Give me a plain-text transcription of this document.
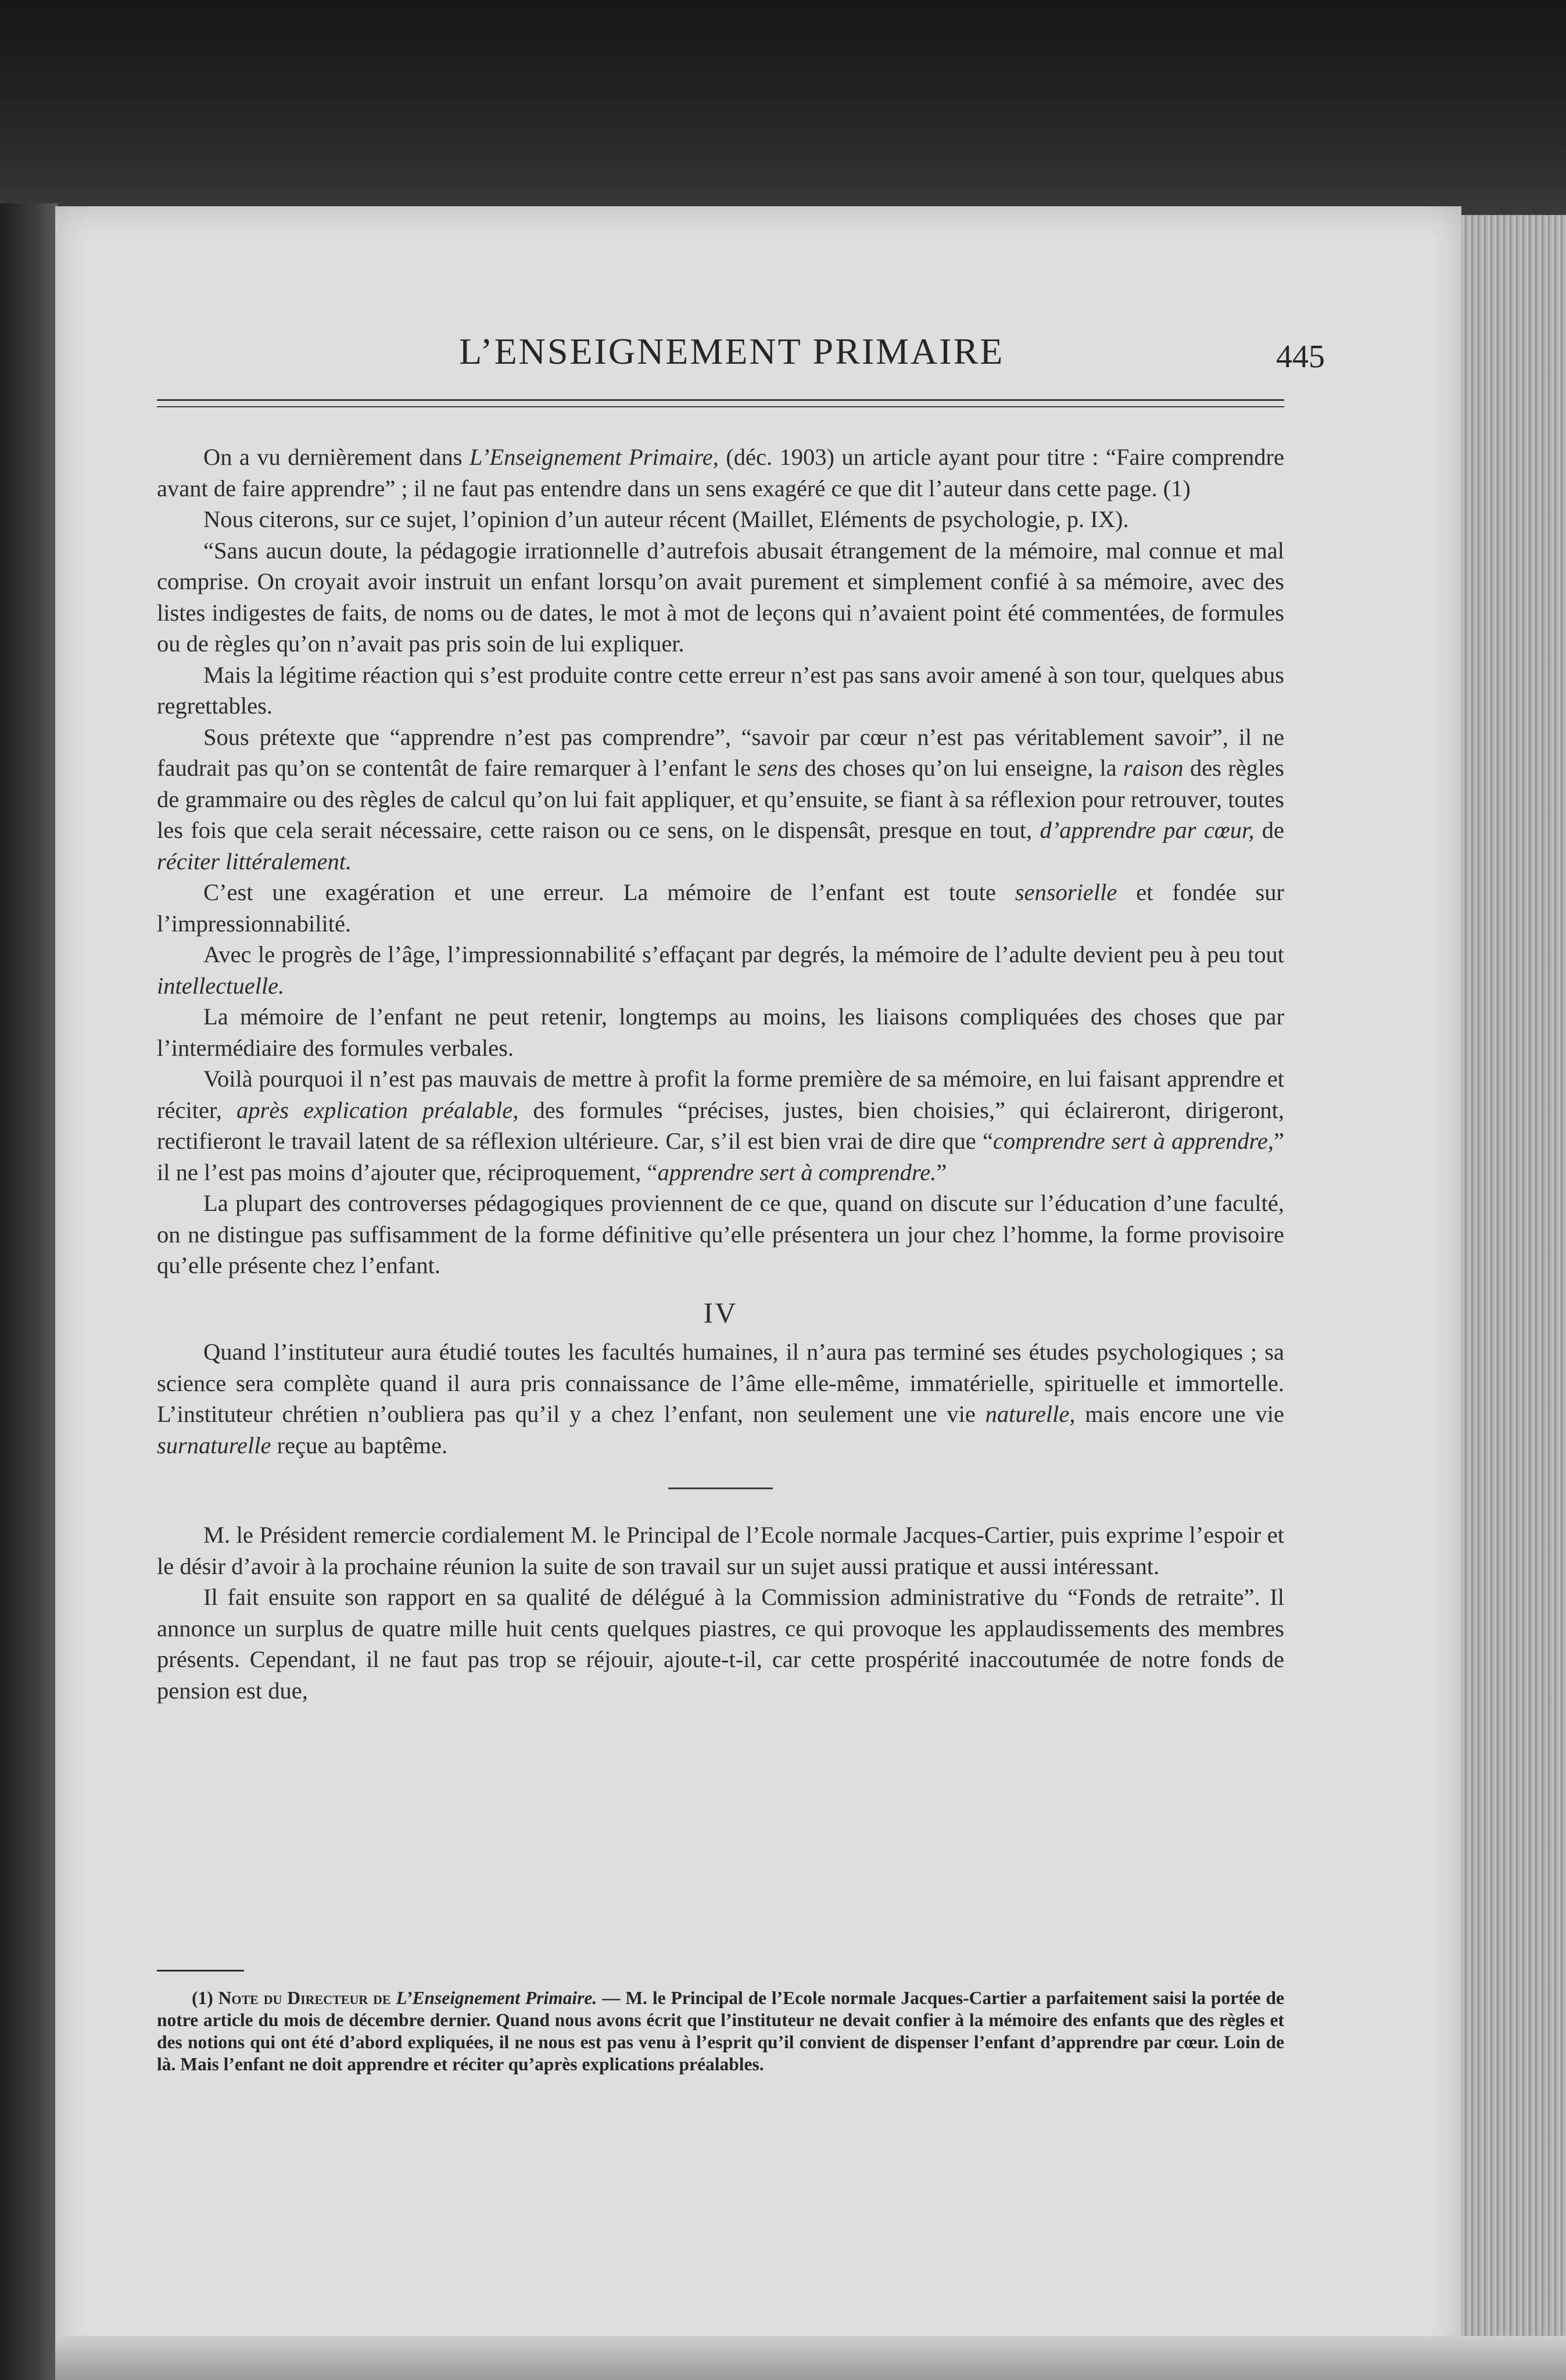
L’ENSEIGNEMENT PRIMAIRE	445

On a vu dernièrement dans L’Enseignement Primaire, (déc. 1903) un article ayant pour titre : “Faire comprendre avant de faire apprendre” ; il ne faut pas entendre dans un sens exagéré ce que dit l’auteur dans cette page. (1)

Nous citerons, sur ce sujet, l’opinion d’un auteur récent (Maillet, Eléments de psychologie, p. IX).

“Sans aucun doute, la pédagogie irrationnelle d’autrefois abusait étrangement de la mémoire, mal connue et mal comprise. On croyait avoir instruit un enfant lorsqu’on avait purement et simplement confié à sa mémoire, avec des listes indigestes de faits, de noms ou de dates, le mot à mot de leçons qui n’avaient point été commentées, de formules ou de règles qu’on n’avait pas pris soin de lui expliquer.

Mais la légitime réaction qui s’est produite contre cette erreur n’est pas sans avoir amené à son tour, quelques abus regrettables.

Sous prétexte que “apprendre n’est pas comprendre”, “savoir par cœur n’est pas véritablement savoir”, il ne faudrait pas qu’on se contentât de faire remarquer à l’enfant le sens des choses qu’on lui enseigne, la raison des règles de grammaire ou des règles de calcul qu’on lui fait appliquer, et qu’ensuite, se fiant à sa réflexion pour retrouver, toutes les fois que cela serait nécessaire, cette raison ou ce sens, on le dispensât, presque en tout, d’apprendre par cœur, de réciter littéralement.

C’est une exagération et une erreur. La mémoire de l’enfant est toute sensorielle et fondée sur l’impressionnabilité.

Avec le progrès de l’âge, l’impressionnabilité s’effaçant par degrés, la mémoire de l’adulte devient peu à peu tout intellectuelle.

La mémoire de l’enfant ne peut retenir, longtemps au moins, les liaisons compliquées des choses que par l’intermédiaire des formules verbales.

Voilà pourquoi il n’est pas mauvais de mettre à profit la forme première de sa mémoire, en lui faisant apprendre et réciter, après explication préalable, des formules “précises, justes, bien choisies,” qui éclaireront, dirigeront, rectifieront le travail latent de sa réflexion ultérieure. Car, s’il est bien vrai de dire que “comprendre sert à apprendre,” il ne l’est pas moins d’ajouter que, réciproquement, “apprendre sert à comprendre.”

La plupart des controverses pédagogiques proviennent de ce que, quand on discute sur l’éducation d’une faculté, on ne distingue pas suffisamment de la forme définitive qu’elle présentera un jour chez l’homme, la forme provisoire qu’elle présente chez l’enfant.

IV

Quand l’instituteur aura étudié toutes les facultés humaines, il n’aura pas terminé ses études psychologiques ; sa science sera complète quand il aura pris connaissance de l’âme elle-même, immatérielle, spirituelle et immortelle. L’instituteur chrétien n’oubliera pas qu’il y a chez l’enfant, non seulement une vie naturelle, mais encore une vie surnaturelle reçue au baptême.

M. le Président remercie cordialement M. le Principal de l’Ecole normale Jacques-Cartier, puis exprime l’espoir et le désir d’avoir à la prochaine réunion la suite de son travail sur un sujet aussi pratique et aussi intéressant.

Il fait ensuite son rapport en sa qualité de délégué à la Commission administrative du “Fonds de retraite”. Il annonce un surplus de quatre mille huit cents quelques piastres, ce qui provoque les applaudissements des membres présents. Cependant, il ne faut pas trop se réjouir, ajoute-t-il, car cette prospérité inaccoutumée de notre fonds de pension est due,

(1) Note du Directeur de L’Enseignement Primaire. — M. le Principal de l’Ecole normale Jacques-Cartier a parfaitement saisi la portée de notre article du mois de décembre dernier. Quand nous avons écrit que l’instituteur ne devait confier à la mémoire des enfants que des règles et des notions qui ont été d’abord expliquées, il ne nous est pas venu à l’esprit qu’il convient de dispenser l’enfant d’apprendre par cœur. Loin de là. Mais l’enfant ne doit apprendre et réciter qu’après explications préalables.
